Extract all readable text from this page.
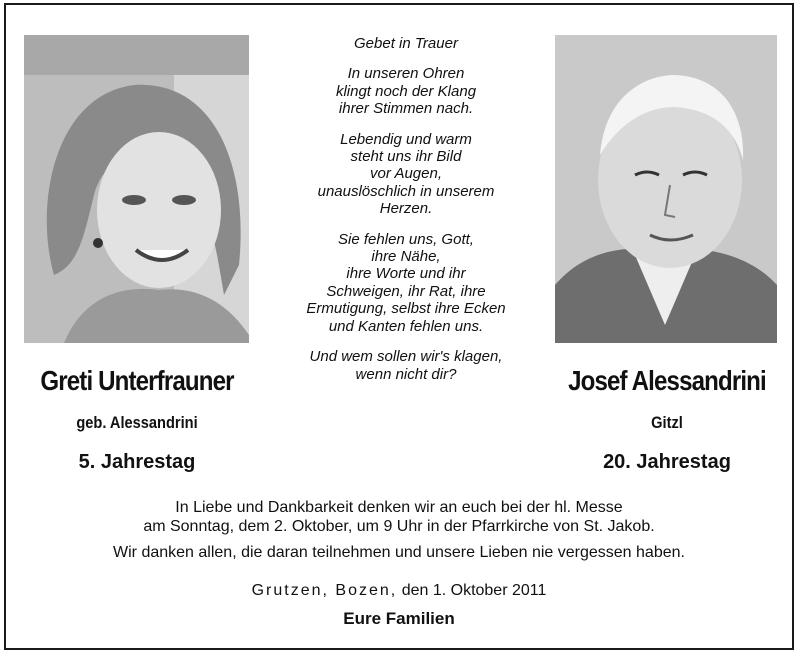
Gebet in Trauer
In unseren Ohren
klingt noch der Klang
ihrer Stimmen nach.
Lebendig und warm
steht uns ihr Bild
vor Augen,
unauslöschlich in unserem
Herzen.
Sie fehlen uns, Gott,
ihre Nähe,
ihre Worte und ihr
Schweigen, ihr Rat, ihre
Ermutigung, selbst ihre Ecken
und Kanten fehlen uns.
Und wem sollen wir's klagen,
wenn nicht dir?
Greti Unterfrauner
geb. Alessandrini
5. Jahrestag
Josef Alessandrini
Gitzl
20. Jahrestag
In Liebe und Dankbarkeit denken wir an euch bei der hl. Messe
am Sonntag, dem 2. Oktober, um 9 Uhr in der Pfarrkirche von St. Jakob.
Wir danken allen, die daran teilnehmen und unsere Lieben nie vergessen haben.
Grutzen, Bozen, den 1. Oktober 2011
Eure Familien
